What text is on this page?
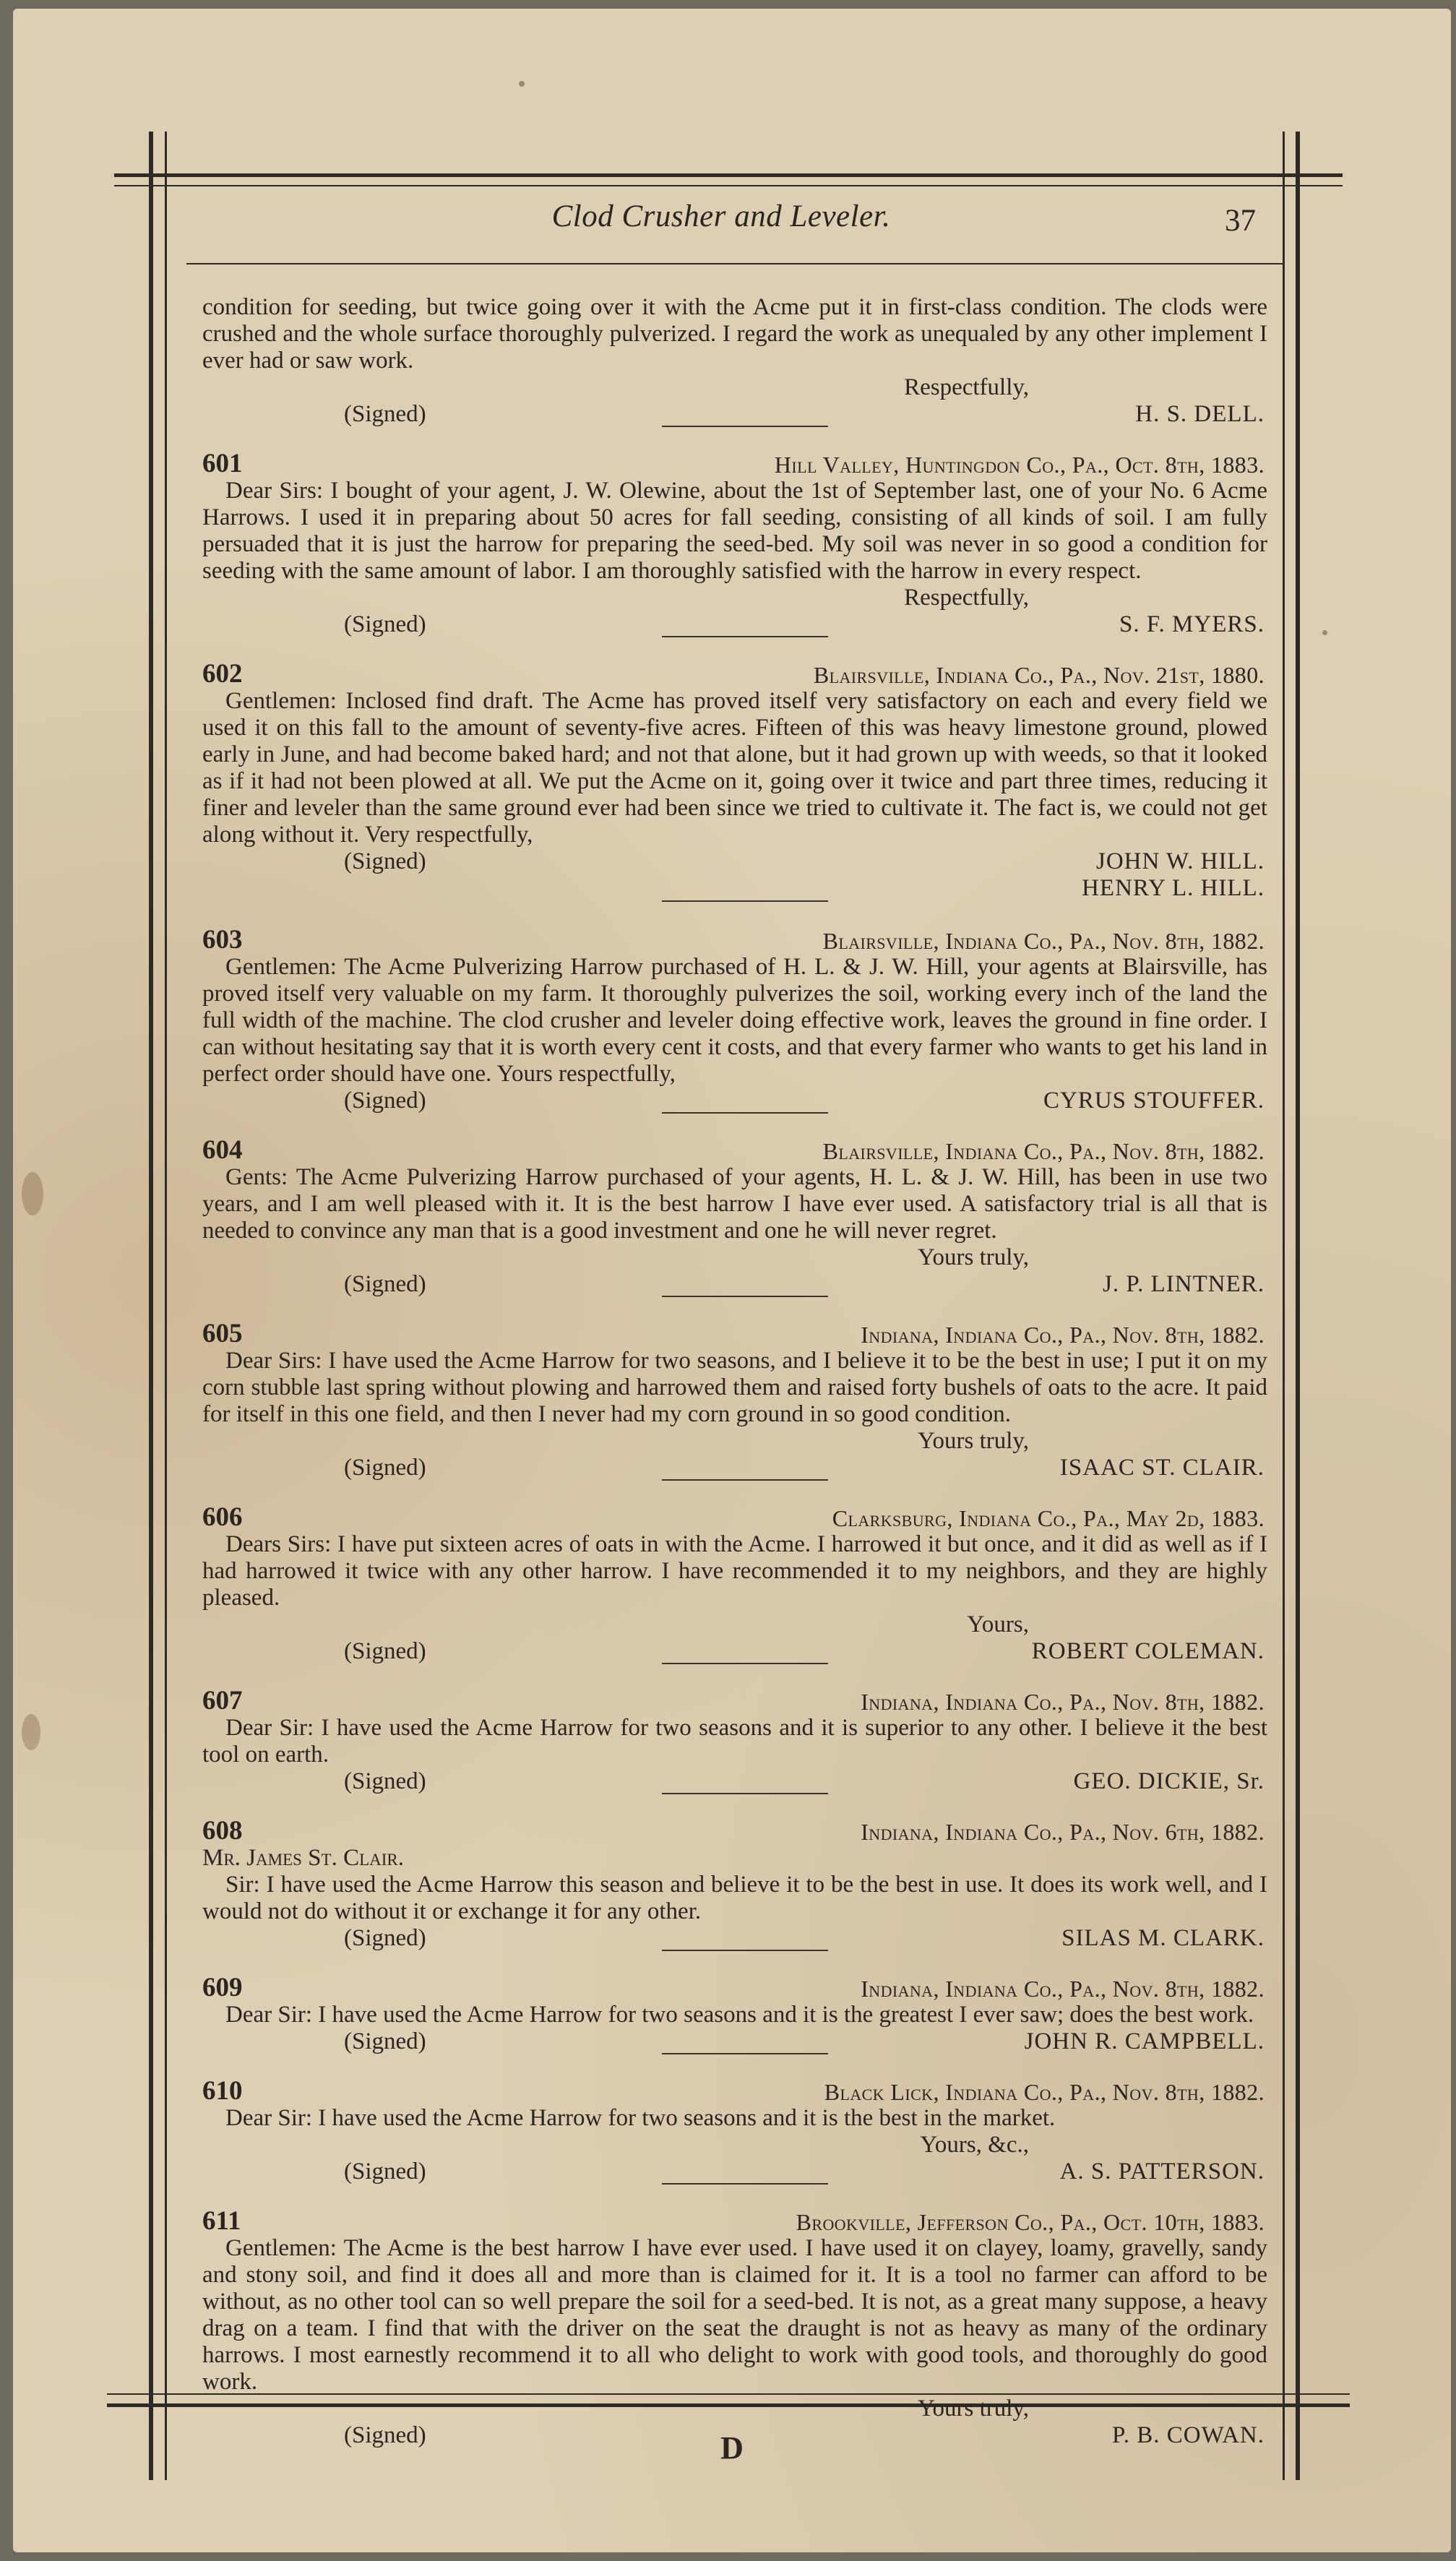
Clod Crusher and Leveler.	37
condition for seeding, but twice going over it with the Acme put it in first-class condition. The clods were crushed and the whole surface thoroughly pulverized. I regard the work as unequaled by any other implement I ever had or saw work.
Respectfully,
(Signed)	H. S. DELL.
601	Hill Valley, Huntingdon Co., Pa., Oct. 8th, 1883.
Dear Sirs: I bought of your agent, J. W. Olewine, about the 1st of September last, one of your No. 6 Acme Harrows. I used it in preparing about 50 acres for fall seeding, consisting of all kinds of soil. I am fully persuaded that it is just the harrow for preparing the seed-bed. My soil was never in so good a condition for seeding with the same amount of labor. I am thoroughly satisfied with the harrow in every respect.
Respectfully,
(Signed)	S. F. MYERS.
602	Blairsville, Indiana Co., Pa., Nov. 21st, 1880.
Gentlemen: Inclosed find draft. The Acme has proved itself very satisfactory on each and every field we used it on this fall to the amount of seventy-five acres. Fifteen of this was heavy limestone ground, plowed early in June, and had become baked hard; and not that alone, but it had grown up with weeds, so that it looked as if it had not been plowed at all. We put the Acme on it, going over it twice and part three times, reducing it finer and leveler than the same ground ever had been since we tried to cultivate it. The fact is, we could not get along without it. Very respectfully,
(Signed)	JOHN W. HILL.
HENRY L. HILL.
603	Blairsville, Indiana Co., Pa., Nov. 8th, 1882.
Gentlemen: The Acme Pulverizing Harrow purchased of H. L. & J. W. Hill, your agents at Blairsville, has proved itself very valuable on my farm. It thoroughly pulverizes the soil, working every inch of the land the full width of the machine. The clod crusher and leveler doing effective work, leaves the ground in fine order. I can without hesitating say that it is worth every cent it costs, and that every farmer who wants to get his land in perfect order should have one. Yours respectfully,
(Signed)	CYRUS STOUFFER.
604	Blairsville, Indiana Co., Pa., Nov. 8th, 1882.
Gents: The Acme Pulverizing Harrow purchased of your agents, H. L. & J. W. Hill, has been in use two years, and I am well pleased with it. It is the best harrow I have ever used. A satisfactory trial is all that is needed to convince any man that is a good investment and one he will never regret.
Yours truly,
(Signed)	J. P. LINTNER.
605	Indiana, Indiana Co., Pa., Nov. 8th, 1882.
Dear Sirs: I have used the Acme Harrow for two seasons, and I believe it to be the best in use; I put it on my corn stubble last spring without plowing and harrowed them and raised forty bushels of oats to the acre. It paid for itself in this one field, and then I never had my corn ground in so good condition.
Yours truly,
(Signed)	ISAAC ST. CLAIR.
606	Clarksburg, Indiana Co., Pa., May 2d, 1883.
Dears Sirs: I have put sixteen acres of oats in with the Acme. I harrowed it but once, and it did as well as if I had harrowed it twice with any other harrow. I have recommended it to my neighbors, and they are highly pleased.
Yours,
(Signed)	ROBERT COLEMAN.
607	Indiana, Indiana Co., Pa., Nov. 8th, 1882.
Dear Sir: I have used the Acme Harrow for two seasons and it is superior to any other. I believe it the best tool on earth.
(Signed)	GEO. DICKIE, Sr.
608	Indiana, Indiana Co., Pa., Nov. 6th, 1882.
Mr. James St. Clair.
Sir: I have used the Acme Harrow this season and believe it to be the best in use. It does its work well, and I would not do without it or exchange it for any other.
(Signed)	SILAS M. CLARK.
609	Indiana, Indiana Co., Pa., Nov. 8th, 1882.
Dear Sir: I have used the Acme Harrow for two seasons and it is the greatest I ever saw; does the best work.
(Signed)	JOHN R. CAMPBELL.
610	Black Lick, Indiana Co., Pa., Nov. 8th, 1882.
Dear Sir: I have used the Acme Harrow for two seasons and it is the best in the market.
Yours, &c.,
(Signed)	A. S. PATTERSON.
611	Brookville, Jefferson Co., Pa., Oct. 10th, 1883.
Gentlemen: The Acme is the best harrow I have ever used. I have used it on clayey, loamy, gravelly, sandy and stony soil, and find it does all and more than is claimed for it. It is a tool no farmer can afford to be without, as no other tool can so well prepare the soil for a seed-bed. It is not, as a great many suppose, a heavy drag on a team. I find that with the driver on the seat the draught is not as heavy as many of the ordinary harrows. I most earnestly recommend it to all who delight to work with good tools, and thoroughly do good work.
Yours truly,
(Signed)	P. B. COWAN.
D
